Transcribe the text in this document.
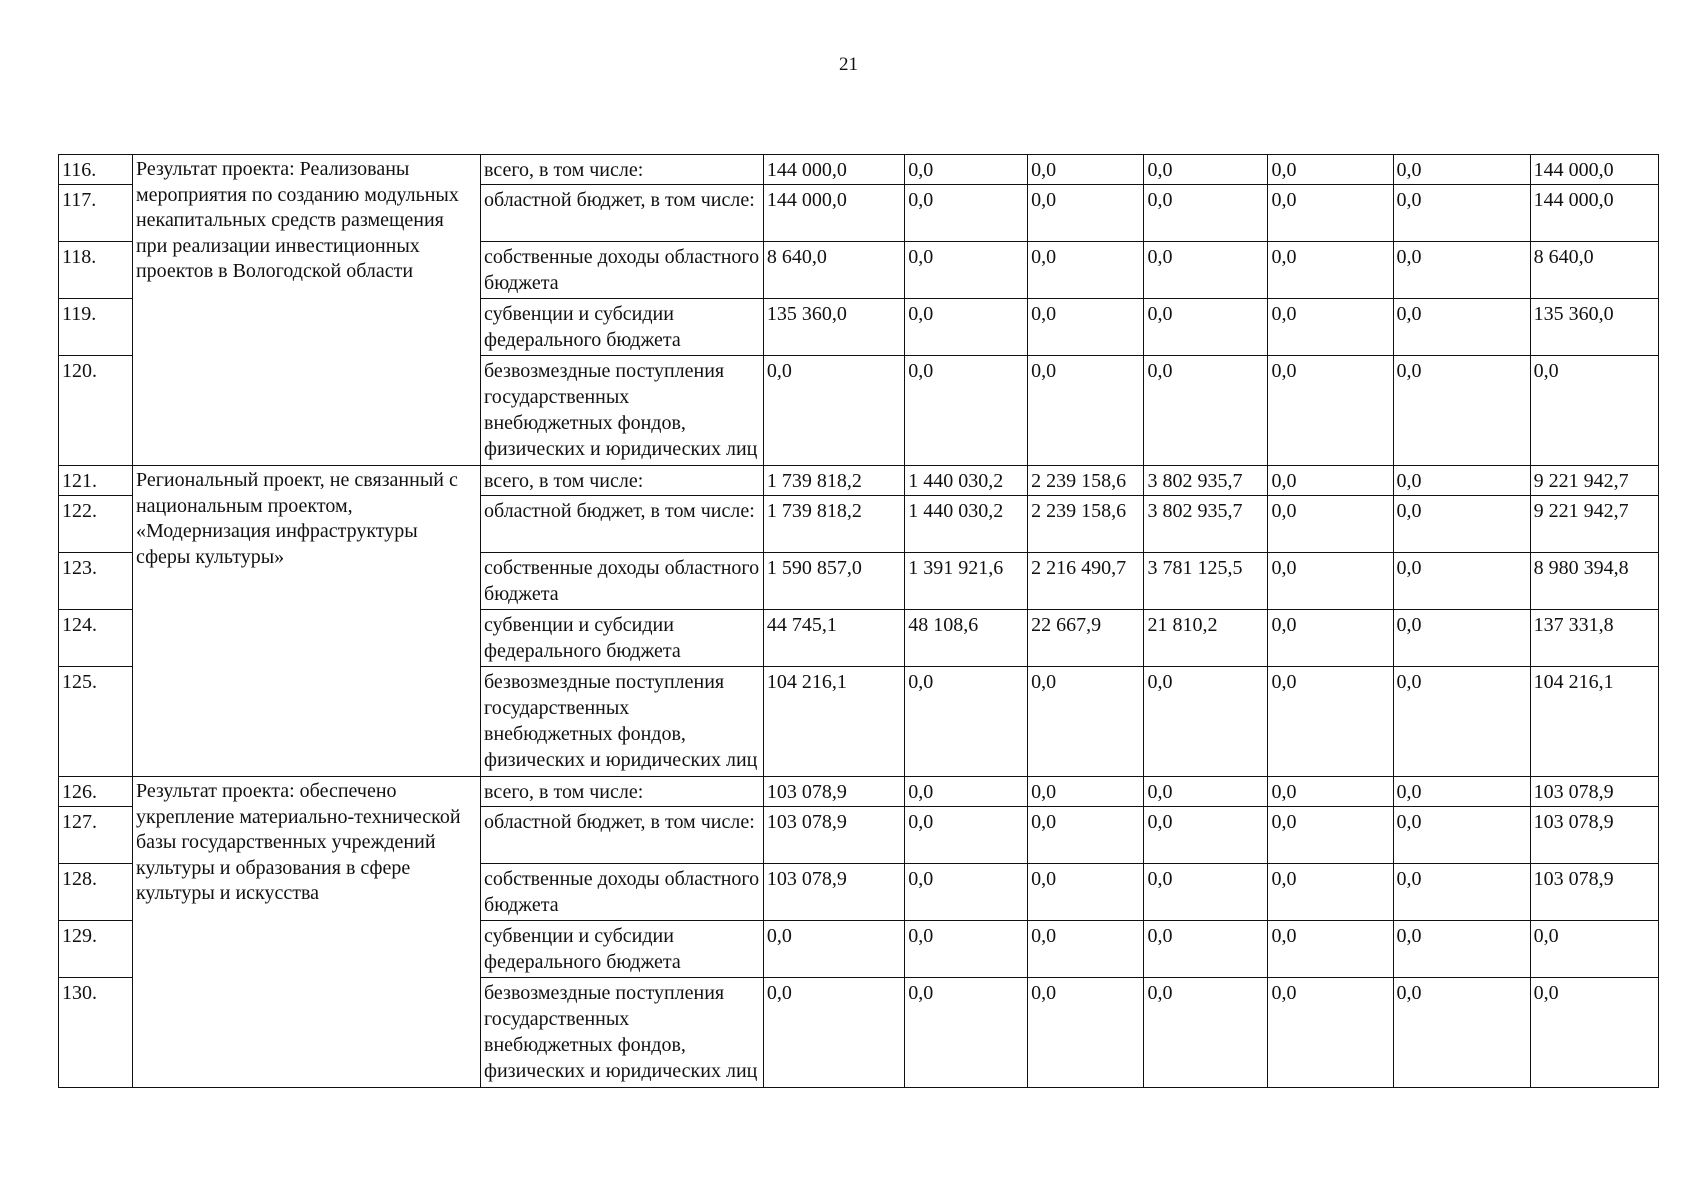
21
116.	Результат проекта: Реализованы мероприятия по созданию модульных некапитальных средств размещения при реализации инвестиционных проектов в Вологодской области	всего, в том числе:	144 000,0	0,0	0,0	0,0	0,0	0,0	144 000,0
117.		областной бюджет, в том числе:	144 000,0	0,0	0,0	0,0	0,0	0,0	144 000,0
118.		собственные доходы областного бюджета	8 640,0	0,0	0,0	0,0	0,0	0,0	8 640,0
119.		субвенции и субсидии федерального бюджета	135 360,0	0,0	0,0	0,0	0,0	0,0	135 360,0
120.		безвозмездные поступления государственных внебюджетных фондов, физических и юридических лиц	0,0	0,0	0,0	0,0	0,0	0,0	0,0
121.	Региональный проект, не связанный с национальным проектом, «Модернизация инфраструктуры сферы культуры»	всего, в том числе:	1 739 818,2	1 440 030,2	2 239 158,6	3 802 935,7	0,0	0,0	9 221 942,7
122.		областной бюджет, в том числе:	1 739 818,2	1 440 030,2	2 239 158,6	3 802 935,7	0,0	0,0	9 221 942,7
123.		собственные доходы областного бюджета	1 590 857,0	1 391 921,6	2 216 490,7	3 781 125,5	0,0	0,0	8 980 394,8
124.		субвенции и субсидии федерального бюджета	44 745,1	48 108,6	22 667,9	21 810,2	0,0	0,0	137 331,8
125.		безвозмездные поступления государственных внебюджетных фондов, физических и юридических лиц	104 216,1	0,0	0,0	0,0	0,0	0,0	104 216,1
126.	Результат проекта: обеспечено укрепление материально-технической базы государственных учреждений культуры и образования в сфере культуры и искусства	всего, в том числе:	103 078,9	0,0	0,0	0,0	0,0	0,0	103 078,9
127.		областной бюджет, в том числе:	103 078,9	0,0	0,0	0,0	0,0	0,0	103 078,9
128.		собственные доходы областного бюджета	103 078,9	0,0	0,0	0,0	0,0	0,0	103 078,9
129.		субвенции и субсидии федерального бюджета	0,0	0,0	0,0	0,0	0,0	0,0	0,0
130.		безвозмездные поступления государственных внебюджетных фондов, физических и юридических лиц	0,0	0,0	0,0	0,0	0,0	0,0	0,0
